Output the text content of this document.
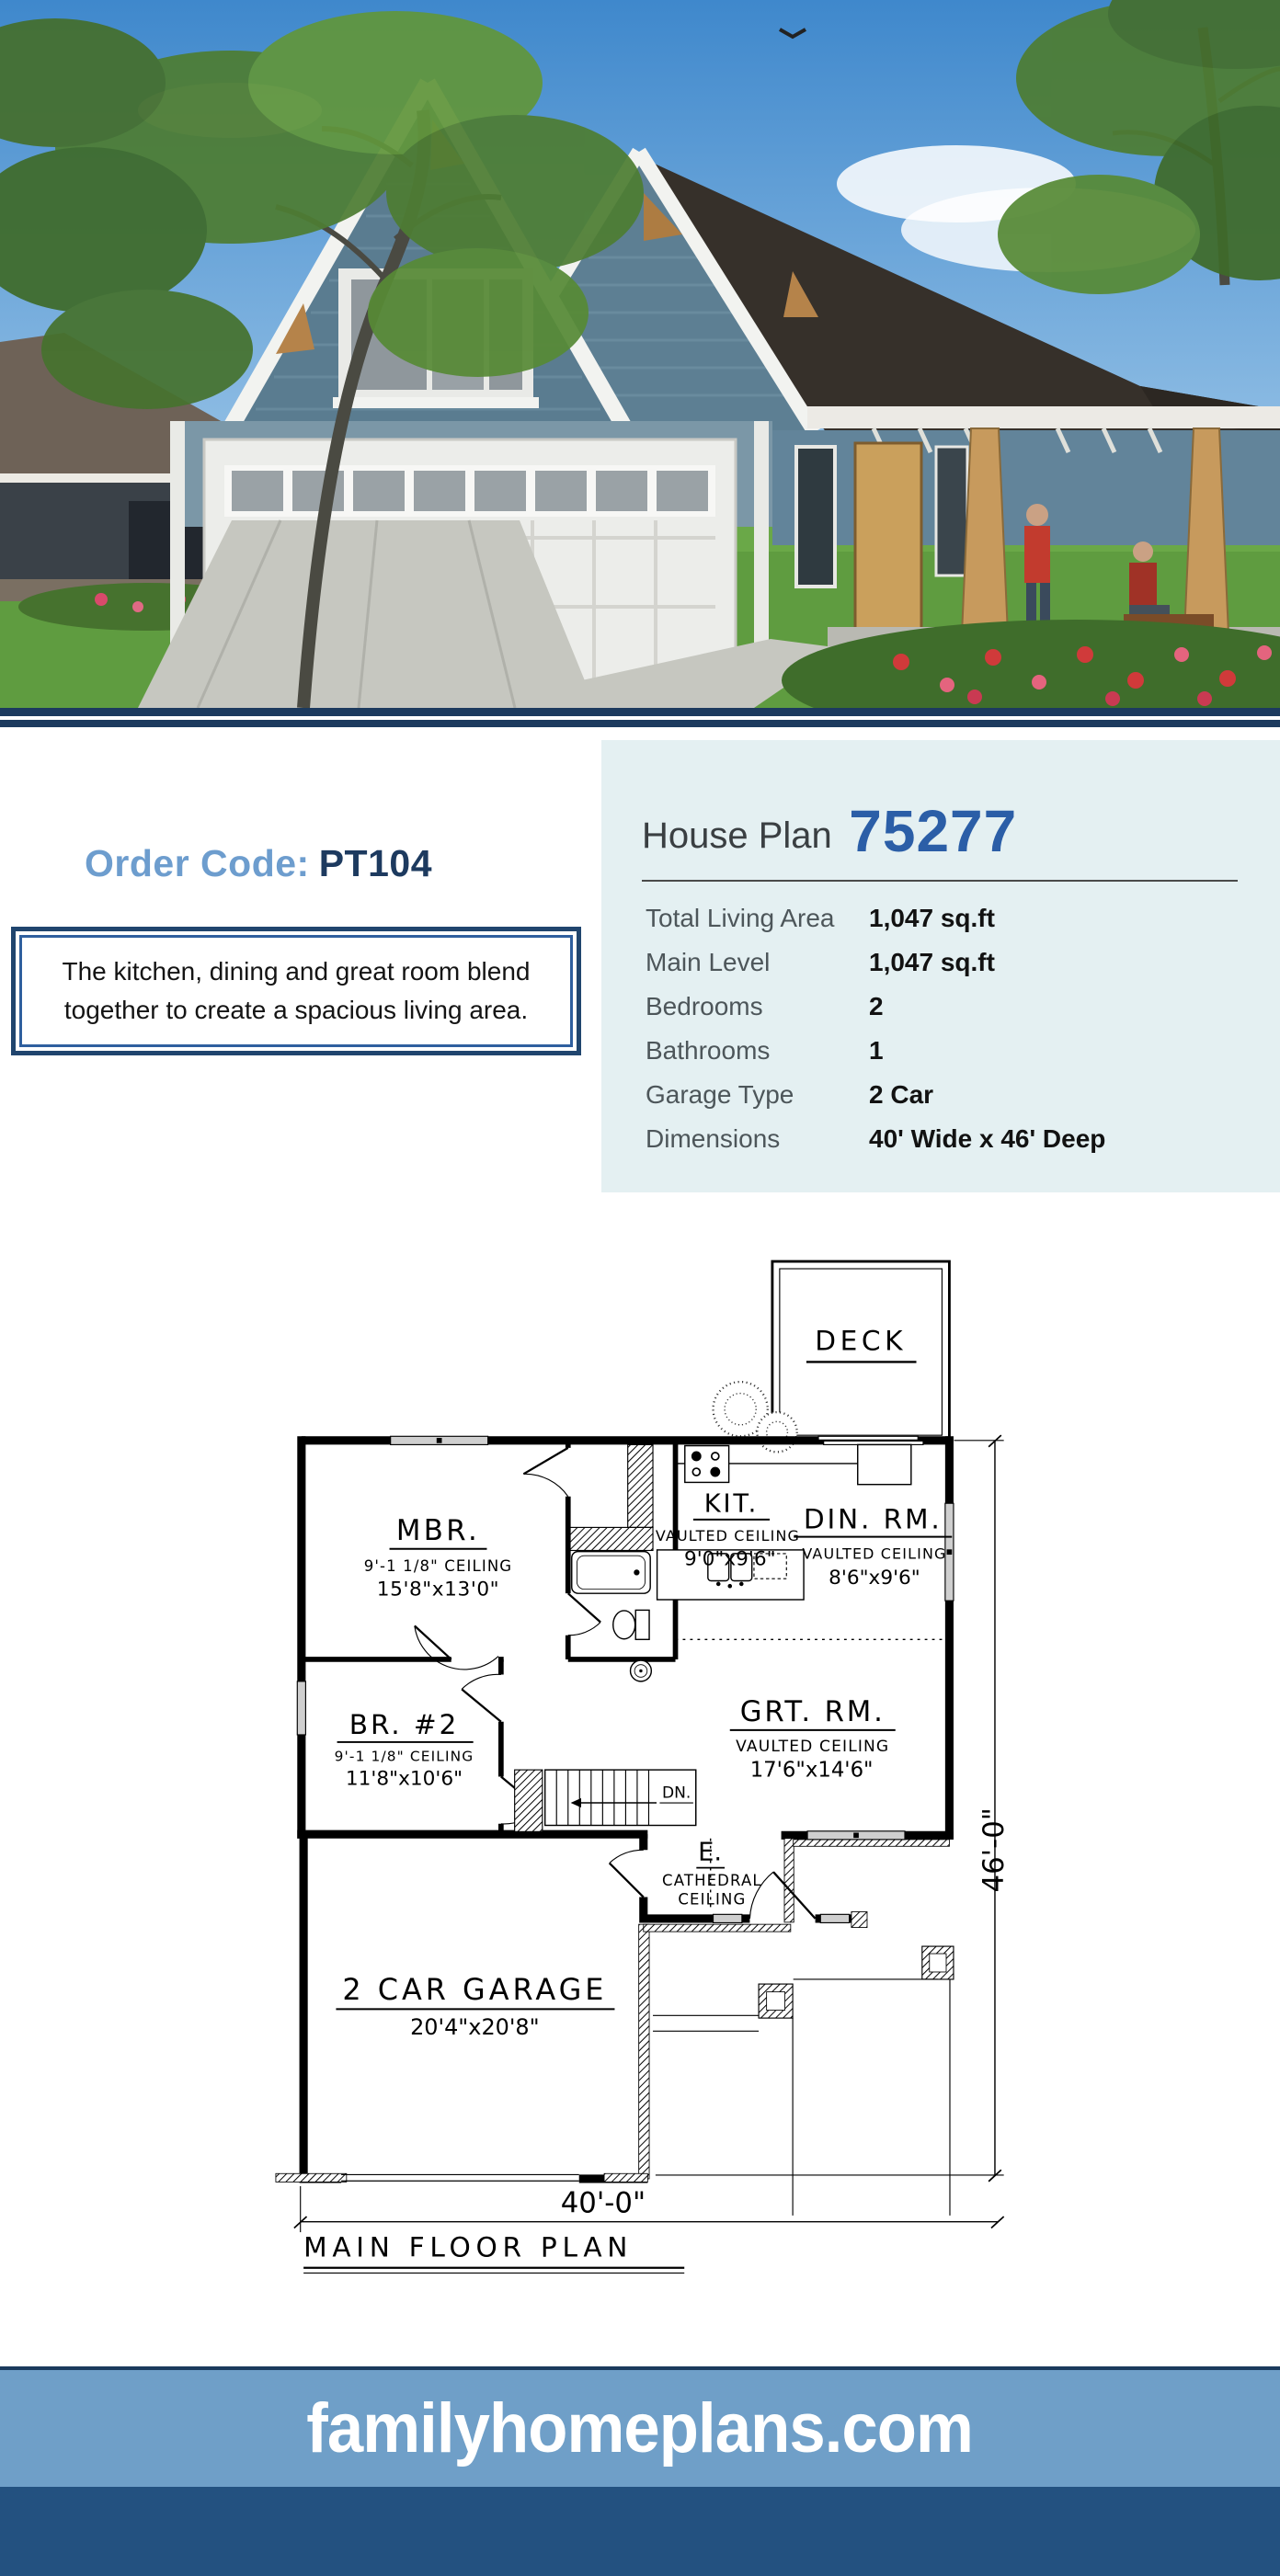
Order Code: PT104
The kitchen, dining and great room blend together to create a spacious living area.
House Plan 75277
Total Living Area 1,047 sq.ft
Main Level	1,047 sq.ft
Bedrooms	2
Bathrooms	1
Garage Type	2 Car
Dimensions	40' Wide x 46' Deep
DECK
DN.
MBR.
9'-1 1/8" CEILING
15'8"x13'0"
KIT.
VAULTED CEILING
9'0"x9'6"
DIN. RM.
VAULTED CEILING
8'6"x9'6"
GRT. RM.
VAULTED CEILING
17'6"x14'6"
BR. #2
9'-1 1/8" CEILING
11'8"x10'6"
E.
CATHEDRAL
CEILING
2 CAR GARAGE
20'4"x20'8"
46'-0"
40'-0"
MAIN FLOOR PLAN
familyhomeplans.com
